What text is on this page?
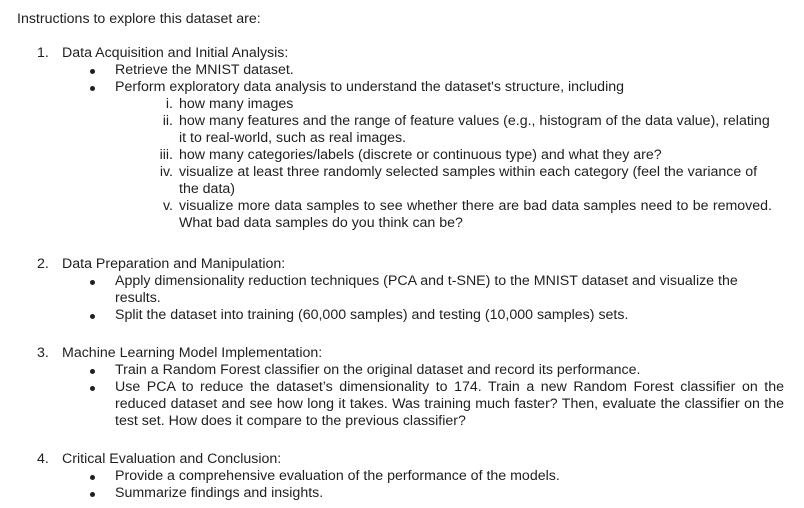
Instructions to explore this dataset are:
1. Data Acquisition and Initial Analysis:
Retrieve the MNIST dataset.
Perform exploratory data analysis to understand the dataset's structure, including
i. how many images
ii. how many features and the range of feature values (e.g., histogram of the data value), relating it to real-world, such as real images.
iii. how many categories/labels (discrete or continuous type) and what they are?
iv. visualize at least three randomly selected samples within each category (feel the variance of the data)
v. visualize more data samples to see whether there are bad data samples need to be removed. What bad data samples do you think can be?
2. Data Preparation and Manipulation:
Apply dimensionality reduction techniques (PCA and t-SNE) to the MNIST dataset and visualize the results.
Split the dataset into training (60,000 samples) and testing (10,000 samples) sets.
3. Machine Learning Model Implementation:
Train a Random Forest classifier on the original dataset and record its performance.
Use PCA to reduce the dataset’s dimensionality to 174. Train a new Random Forest classifier on the reduced dataset and see how long it takes. Was training much faster? Then, evaluate the classifier on the test set. How does it compare to the previous classifier?
4. Critical Evaluation and Conclusion:
Provide a comprehensive evaluation of the performance of the models.
Summarize findings and insights.
